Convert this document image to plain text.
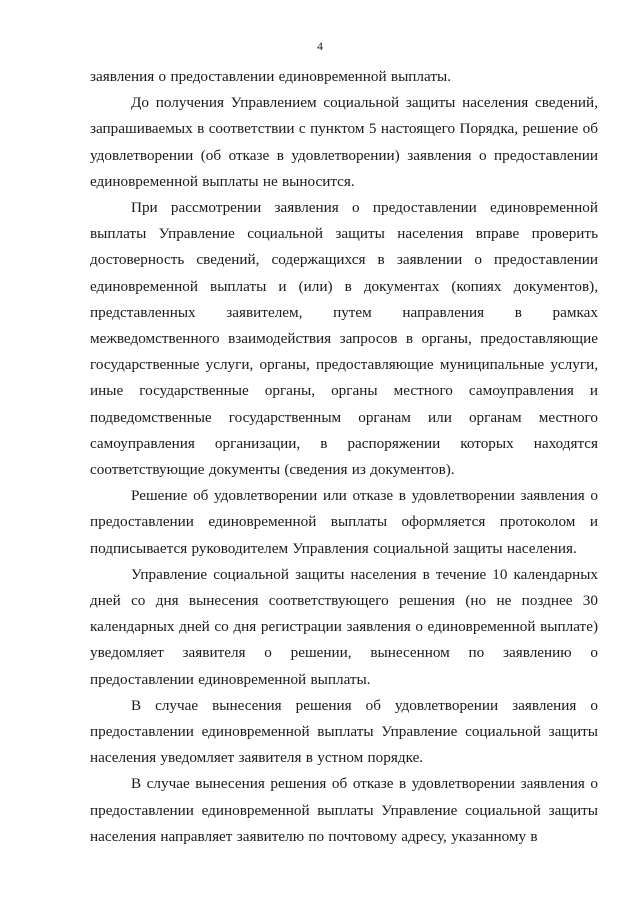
4

заявления о предоставлении единовременной выплаты.

До получения Управлением социальной защиты населения сведений, запрашиваемых в соответствии с пунктом 5 настоящего Порядка, решение об удовлетворении (об отказе в удовлетворении) заявления о предоставлении единовременной выплаты не выносится.

При рассмотрении заявления о предоставлении единовременной выплаты Управление социальной защиты населения вправе проверить достоверность сведений, содержащихся в заявлении о предоставлении единовременной выплаты и (или) в документах (копиях документов), представленных заявителем, путем направления в рамках межведомственного взаимодействия запросов в органы, предоставляющие государственные услуги, органы, предоставляющие муниципальные услуги, иные государственные органы, органы местного самоуправления и подведомственные государственным органам или органам местного самоуправления организации, в распоряжении которых находятся соответствующие документы (сведения из документов).

Решение об удовлетворении или отказе в удовлетворении заявления о предоставлении единовременной выплаты оформляется протоколом и подписывается руководителем Управления социальной защиты населения.

Управление социальной защиты населения в течение 10 календарных дней со дня вынесения соответствующего решения (но не позднее 30 календарных дней со дня регистрации заявления о единовременной выплате) уведомляет заявителя о решении, вынесенном по заявлению о предоставлении единовременной выплаты.

В случае вынесения решения об удовлетворении заявления о предоставлении единовременной выплаты Управление социальной защиты населения уведомляет заявителя в устном порядке.

В случае вынесения решения об отказе в удовлетворении заявления о предоставлении единовременной выплаты Управление социальной защиты населения направляет заявителю по почтовому адресу, указанному в
